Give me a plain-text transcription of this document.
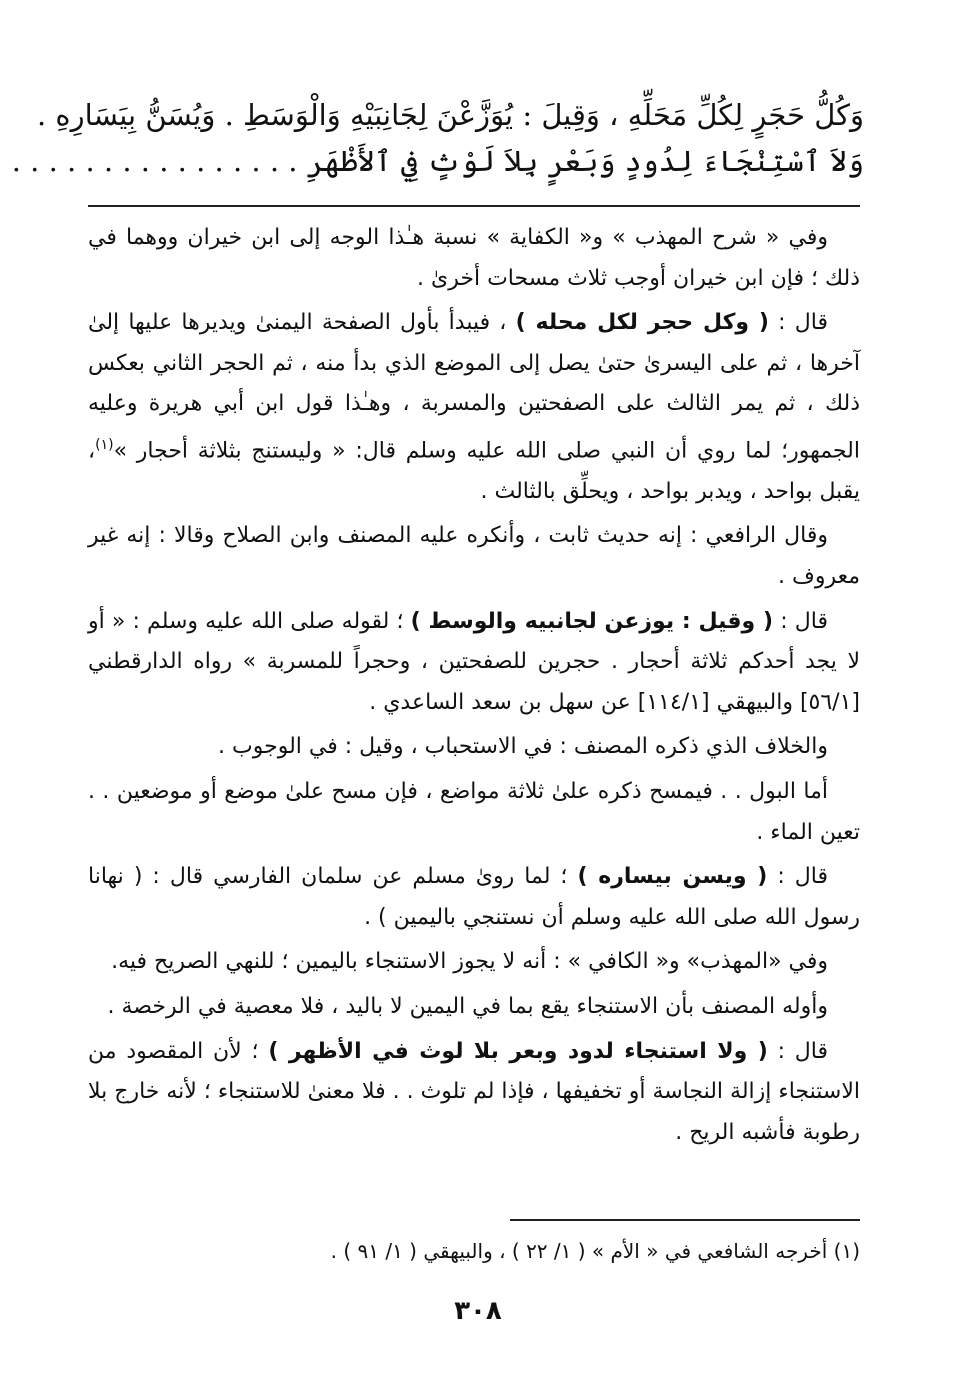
وَكُلُّ حَجَرٍ لِكُلِّ مَحَلِّهِ ، وَقِيلَ : يُوَزَّعْنَ لِجَانِبَيْهِ وَالْوَسَطِ . وَيُسَنُّ بِيَسَارِهِ .
وَلاَ ٱسْتِنْجَاءَ لِدُودٍ وَبَعْرٍ بِلاَ لَوْثٍ فِي ٱلأَظْهَرِ . . . . . . . . . . . . . . . .

وفي « شرح المهذب » و« الكفاية » نسبة هـٰذا الوجه إلى ابن خيران ووهما في ذلك ؛ فإن ابن خيران أوجب ثلاث مسحات أخرىٰ .

قال : ( وكل حجر لكل محله ) ، فيبدأ بأول الصفحة اليمنىٰ ويديرها عليها إلىٰ آخرها ، ثم على اليسرىٰ حتىٰ يصل إلى الموضع الذي بدأ منه ، ثم الحجر الثاني بعكس ذلك ، ثم يمر الثالث على الصفحتين والمسربة ، وهـٰذا قول ابن أبي هريرة وعليه الجمهور؛ لما روي أن النبي صلى الله عليه وسلم قال: « وليستنج بثلاثة أحجار »$^{(١)}$، يقبل بواحد ، ويدبر بواحد ، ويحلِّق بالثالث .

وقال الرافعي : إنه حديث ثابت ، وأنكره عليه المصنف وابن الصلاح وقالا : إنه غير معروف .

قال : ( وقيل : يوزعن لجانبيه والوسط ) ؛ لقوله صلى الله عليه وسلم : « أو لا يجد أحدكم ثلاثة أحجار . حجرين للصفحتين ، وحجراً للمسربة » رواه الدارقطني [٥٦/١] والبيهقي [١١٤/١] عن سهل بن سعد الساعدي .

والخلاف الذي ذكره المصنف : في الاستحباب ، وقيل : في الوجوب .

أما البول . . فيمسح ذكره علىٰ ثلاثة مواضع ، فإن مسح علىٰ موضع أو موضعين . . تعين الماء .

قال : ( ويسن بيساره ) ؛ لما روىٰ مسلم عن سلمان الفارسي قال : ( نهانا رسول الله صلى الله عليه وسلم أن نستنجي باليمين ) .

وفي «المهذب» و« الكافي » : أنه لا يجوز الاستنجاء باليمين ؛ للنهي الصريح فيه.

وأوله المصنف بأن الاستنجاء يقع بما في اليمين لا باليد ، فلا معصية في الرخصة .

قال : ( ولا استنجاء لدود وبعر بلا لوث في الأظهر ) ؛ لأن المقصود من الاستنجاء إزالة النجاسة أو تخفيفها ، فإذا لم تلوث . . فلا معنىٰ للاستنجاء ؛ لأنه خارج بلا رطوبة فأشبه الريح .

(١) أخرجه الشافعي في « الأم » ( ١/ ٢٢ ) ، والبيهقي ( ١/ ٩١ ) .
٣٠٨
